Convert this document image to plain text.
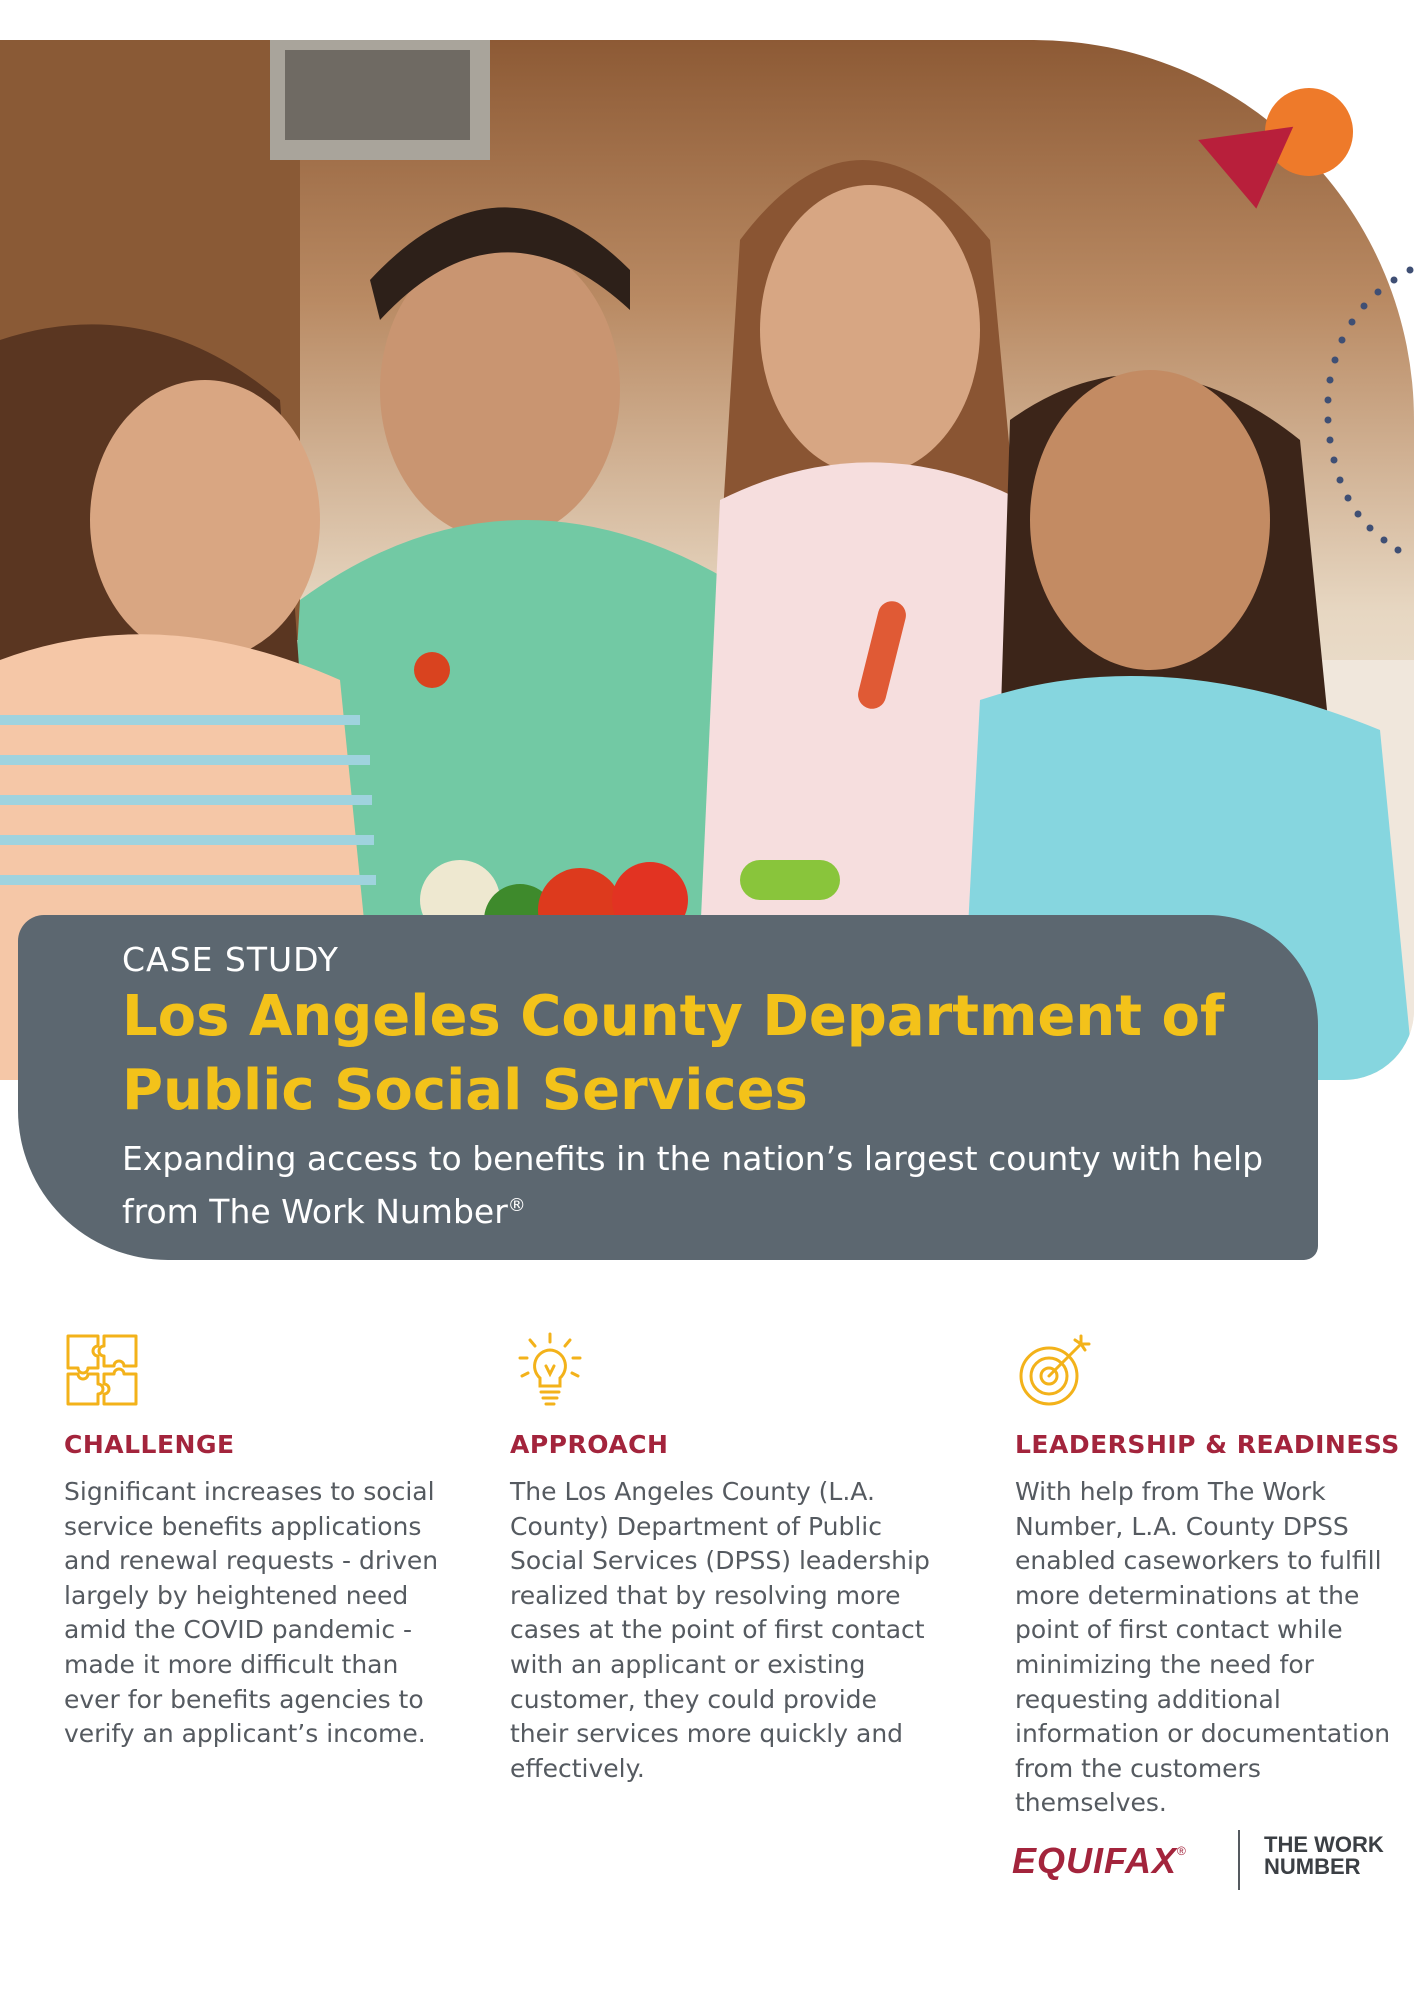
CASE STUDY
Los Angeles County Department of Public Social Services

Expanding access to benefits in the nation’s largest county with help from The Work Number®

CHALLENGE

Significant increases to social service benefits applications and renewal requests - driven largely by heightened need amid the COVID pandemic - made it more difficult than ever for benefits agencies to verify an applicant’s income.

APPROACH

The Los Angeles County (L.A. County) Department of Public Social Services (DPSS) leadership realized that by resolving more cases at the point of first contact with an applicant or existing customer, they could provide their services more quickly and effectively.

LEADERSHIP & READINESS

With help from The Work Number, L.A. County DPSS enabled caseworkers to fulfill more determinations at the point of first contact while minimizing the need for requesting additional information or documentation from the customers themselves.

EQUIFAX®	THE WORK
NUMBER
